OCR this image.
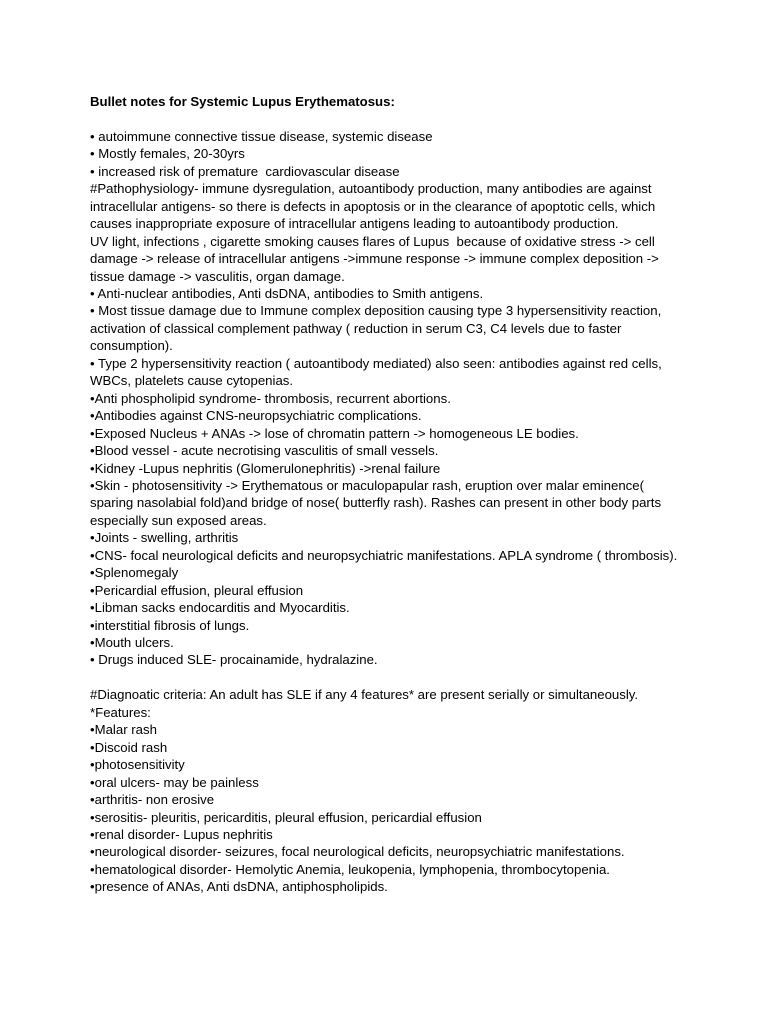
Bullet notes for Systemic Lupus Erythematosus:

• autoimmune connective tissue disease, systemic disease

• Mostly females, 20-30yrs

• increased risk of premature  cardiovascular disease

#Pathophysiology- immune dysregulation, autoantibody production, many antibodies are against intracellular antigens- so there is defects in apoptosis or in the clearance of apoptotic cells, which causes inappropriate exposure of intracellular antigens leading to autoantibody production.

UV light, infections , cigarette smoking causes flares of Lupus  because of oxidative stress -> cell damage -> release of intracellular antigens ->immune response -> immune complex deposition -> tissue damage -> vasculitis, organ damage.

• Anti-nuclear antibodies, Anti dsDNA, antibodies to Smith antigens.

• Most tissue damage due to Immune complex deposition causing type 3 hypersensitivity reaction, activation of classical complement pathway ( reduction in serum C3, C4 levels due to faster consumption).

• Type 2 hypersensitivity reaction ( autoantibody mediated) also seen: antibodies against red cells, WBCs, platelets cause cytopenias.

•Anti phospholipid syndrome- thrombosis, recurrent abortions.

•Antibodies against CNS-neuropsychiatric complications.

•Exposed Nucleus + ANAs -> lose of chromatin pattern -> homogeneous LE bodies.

•Blood vessel - acute necrotising vasculitis of small vessels.

•Kidney -Lupus nephritis (Glomerulonephritis) ->renal failure

•Skin - photosensitivity -> Erythematous or maculopapular rash, eruption over malar eminence( sparing nasolabial fold)and bridge of nose( butterfly rash). Rashes can present in other body parts especially sun exposed areas.

•Joints - swelling, arthritis

•CNS- focal neurological deficits and neuropsychiatric manifestations. APLA syndrome ( thrombosis).

•Splenomegaly

•Pericardial effusion, pleural effusion

•Libman sacks endocarditis and Myocarditis.

•interstitial fibrosis of lungs.

•Mouth ulcers.

• Drugs induced SLE- procainamide, hydralazine.

#Diagnoatic criteria: An adult has SLE if any 4 features* are present serially or simultaneously.

*Features:

•Malar rash

•Discoid rash

•photosensitivity

•oral ulcers- may be painless

•arthritis- non erosive

•serositis- pleuritis, pericarditis, pleural effusion, pericardial effusion

•renal disorder- Lupus nephritis

•neurological disorder- seizures, focal neurological deficits, neuropsychiatric manifestations.

•hematological disorder- Hemolytic Anemia, leukopenia, lymphopenia, thrombocytopenia.

•presence of ANAs, Anti dsDNA, antiphospholipids.
